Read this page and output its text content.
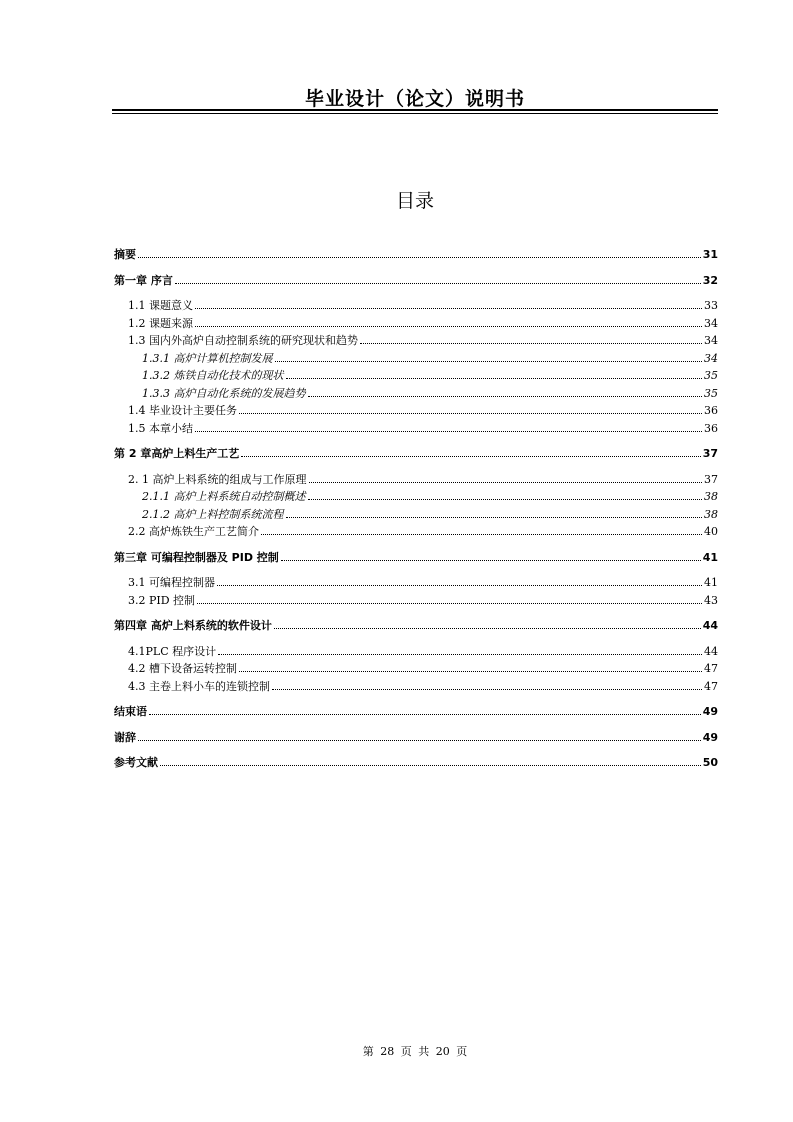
毕业设计（论文）说明书
目录
摘要	31
第一章 序言	32
1.1 课题意义	33
1.2 课题来源	34
1.3 国内外高炉自动控制系统的研究现状和趋势	34
1.3.1 高炉计算机控制发展	34
1.3.2 炼铁自动化技术的现状	35
1.3.3 高炉自动化系统的发展趋势	35
1.4 毕业设计主要任务	36
1.5 本章小结	36
第 2 章高炉上料生产工艺	37
2. 1 高炉上料系统的组成与工作原理	37
2.1.1 高炉上料系统自动控制概述	38
2.1.2 高炉上料控制系统流程	38
2.2 高炉炼铁生产工艺简介	40
第三章 可编程控制器及 PID 控制	41
3.1 可编程控制器	41
3.2 PID 控制	43
第四章 高炉上料系统的软件设计	44
4.1PLC 程序设计	44
4.2 槽下设备运转控制	47
4.3 主卷上料小车的连锁控制	47
结束语	49
谢辞	49
参考文献	50
第 28 页 共 20 页
